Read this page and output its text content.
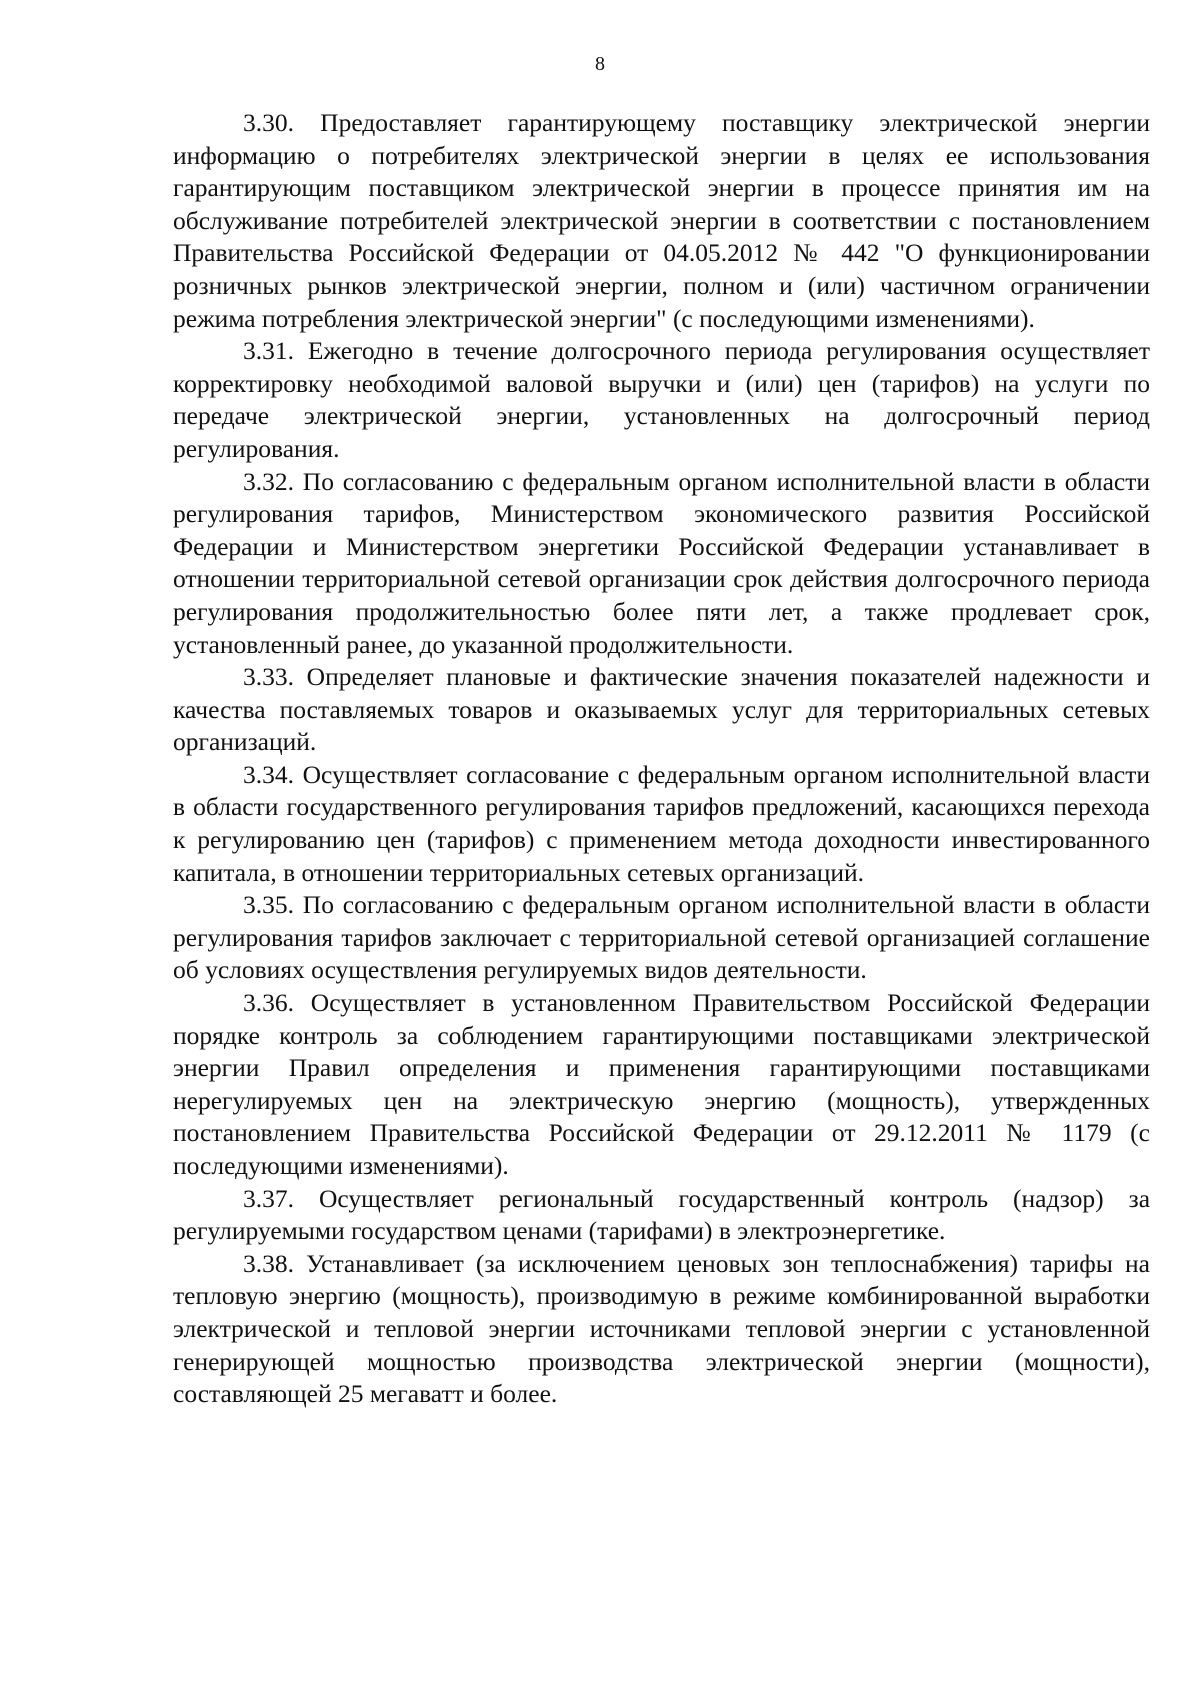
8

3.30. Предоставляет гарантирующему поставщику электрической энергии информацию о потребителях электрической энергии в целях ее использования гарантирующим поставщиком электрической энергии в процессе принятия им на обслуживание потребителей электрической энергии в соответствии с постановлением Правительства Российской Федерации от 04.05.2012 № 442 "О функционировании розничных рынков электрической энергии, полном и (или) частичном ограничении режима потребления электрической энергии" (с последующими изменениями).

3.31. Ежегодно в течение долгосрочного периода регулирования осуществляет корректировку необходимой валовой выручки и (или) цен (тарифов) на услуги по передаче электрической энергии, установленных на долгосрочный период регулирования.

3.32. По согласованию с федеральным органом исполнительной власти в области регулирования тарифов, Министерством экономического развития Российской Федерации и Министерством энергетики Российской Федерации устанавливает в отношении территориальной сетевой организации срок действия долгосрочного периода регулирования продолжительностью более пяти лет, а также продлевает срок, установленный ранее, до указанной продолжительности.

3.33. Определяет плановые и фактические значения показателей надежности и качества поставляемых товаров и оказываемых услуг для территориальных сетевых организаций.

3.34. Осуществляет согласование с федеральным органом исполнительной власти в области государственного регулирования тарифов предложений, касающихся перехода к регулированию цен (тарифов) с применением метода доходности инвестированного капитала, в отношении территориальных сетевых организаций.

3.35. По согласованию с федеральным органом исполнительной власти в области регулирования тарифов заключает с территориальной сетевой организацией соглашение об условиях осуществления регулируемых видов деятельности.

3.36. Осуществляет в установленном Правительством Российской Федерации порядке контроль за соблюдением гарантирующими поставщиками электрической энергии Правил определения и применения гарантирующими поставщиками нерегулируемых цен на электрическую энергию (мощность), утвержденных постановлением Правительства Российской Федерации от 29.12.2011 № 1179 (с последующими изменениями).

3.37. Осуществляет региональный государственный контроль (надзор) за регулируемыми государством ценами (тарифами) в электроэнергетике.

3.38. Устанавливает (за исключением ценовых зон теплоснабжения) тарифы на тепловую энергию (мощность), производимую в режиме комбинированной выработки электрической и тепловой энергии источниками тепловой энергии с установленной генерирующей мощностью производства электрической энергии (мощности), составляющей 25 мегаватт и более.
